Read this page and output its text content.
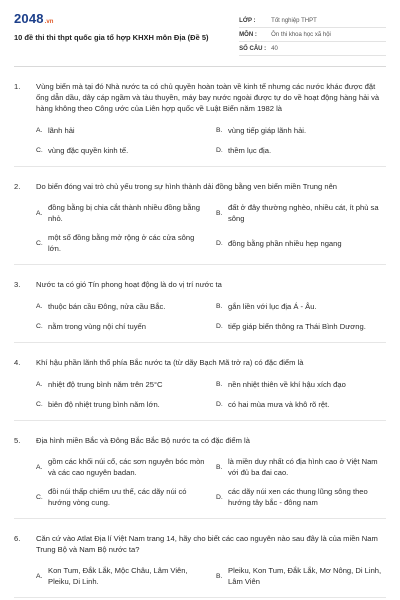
2048 .vn
10 đề thi thi thpt quốc gia tổ hợp KHXH môn Địa (Đề 5)
LỚP :	Tốt nghiệp THPT
MÔN :	Ôn thi khoa học xã hội
SỐ CÂU : 40
1.	Vùng biển mà tại đó Nhà nước ta có chủ quyền hoàn toàn về kinh tế nhưng các nước khác được đặt ống dẫn dầu, dây cáp ngầm và tàu thuyền, máy bay nước ngoài được tự do về hoạt động hàng hải và hàng không theo Công ước của Liên hợp quốc về Luật Biển năm 1982 là
A. lãnh hải	B. vùng tiếp giáp lãnh hải.
C. vùng đặc quyền kinh tế.	D. thềm lục địa.
2.	Do biển đóng vai trò chủ yếu trong sự hình thành dải đồng bằng ven biển miền Trung nên
A.
đồng bằng bị chia cắt thành nhiều đồng bằng nhỏ.
B.
đất ở đây thường nghèo, nhiều cát, ít phù sa sông
C.
một số đồng bằng mở rộng ở các cửa sông lớn.
D. đồng bằng phần nhiều hẹp ngang
3.	Nước ta có gió Tín phong hoạt động là do vị trí nước ta
A. thuộc bán cầu Đông, nửa cầu Bắc.	B. gắn liền với lục địa Á - Âu.
C. nằm trong vùng nội chí tuyến	D. tiếp giáp biển thông ra Thái Bình Dương.
4.	Khí hậu phần lãnh thổ phía Bắc nước ta (từ dãy Bạch Mã trở ra) có đặc điểm là
A. nhiệt độ trung bình năm trên 25°C	B. nền nhiệt thiên về khí hậu xích đạo
C. biên độ nhiệt trung bình năm lớn.	D. có hai mùa mưa và khô rõ rệt.
5.	Địa hình miền Bắc và Đông Bắc Bắc Bộ nước ta có đặc điểm là
A.
gồm các khối núi cổ, các sơn nguyên bóc mòn và các cao nguyên badan.
B.
là miền duy nhất có địa hình cao ở Việt Nam với đủ ba đai cao.
C.
đồi núi thấp chiếm ưu thế, các dãy núi có hướng vòng cung.
D.
các dãy núi xen các thung lũng sông theo hướng tây bắc - đông nam
6.	Căn cứ vào Atlat Địa lí Việt Nam trang 14, hãy cho biết các cao nguyên nào sau đây là của miền Nam Trung Bộ và Nam Bộ nước ta?
A.
Kon Tum, Đắk Lắk, Mộc Châu, Lâm Viên, Pleiku, Di Linh.
B.
Pleiku, Kon Tum, Đắk Lắk, Mơ Nông, Di Linh, Lâm Viên
